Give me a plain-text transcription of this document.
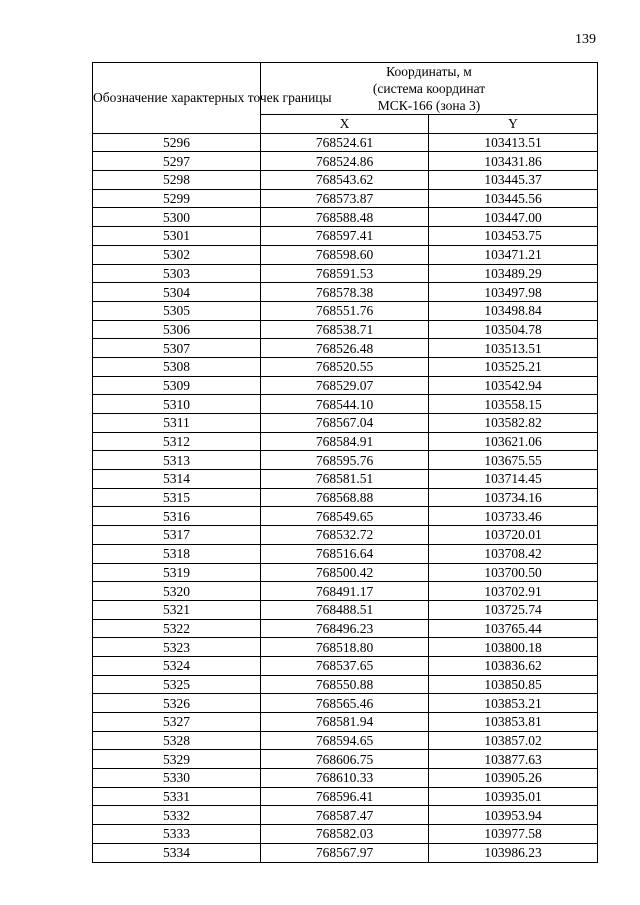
139
Обозначение характерных точек границы	Координаты, м
(система координат
МСК-166 (зона 3)	

	X	Y
5296	768524.61	103413.51
5297	768524.86	103431.86
5298	768543.62	103445.37
5299	768573.87	103445.56
5300	768588.48	103447.00
5301	768597.41	103453.75
5302	768598.60	103471.21
5303	768591.53	103489.29
5304	768578.38	103497.98
5305	768551.76	103498.84
5306	768538.71	103504.78
5307	768526.48	103513.51
5308	768520.55	103525.21
5309	768529.07	103542.94
5310	768544.10	103558.15
5311	768567.04	103582.82
5312	768584.91	103621.06
5313	768595.76	103675.55
5314	768581.51	103714.45
5315	768568.88	103734.16
5316	768549.65	103733.46
5317	768532.72	103720.01
5318	768516.64	103708.42
5319	768500.42	103700.50
5320	768491.17	103702.91
5321	768488.51	103725.74
5322	768496.23	103765.44
5323	768518.80	103800.18
5324	768537.65	103836.62
5325	768550.88	103850.85
5326	768565.46	103853.21
5327	768581.94	103853.81
5328	768594.65	103857.02
5329	768606.75	103877.63
5330	768610.33	103905.26
5331	768596.41	103935.01
5332	768587.47	103953.94
5333	768582.03	103977.58
5334	768567.97	103986.23
